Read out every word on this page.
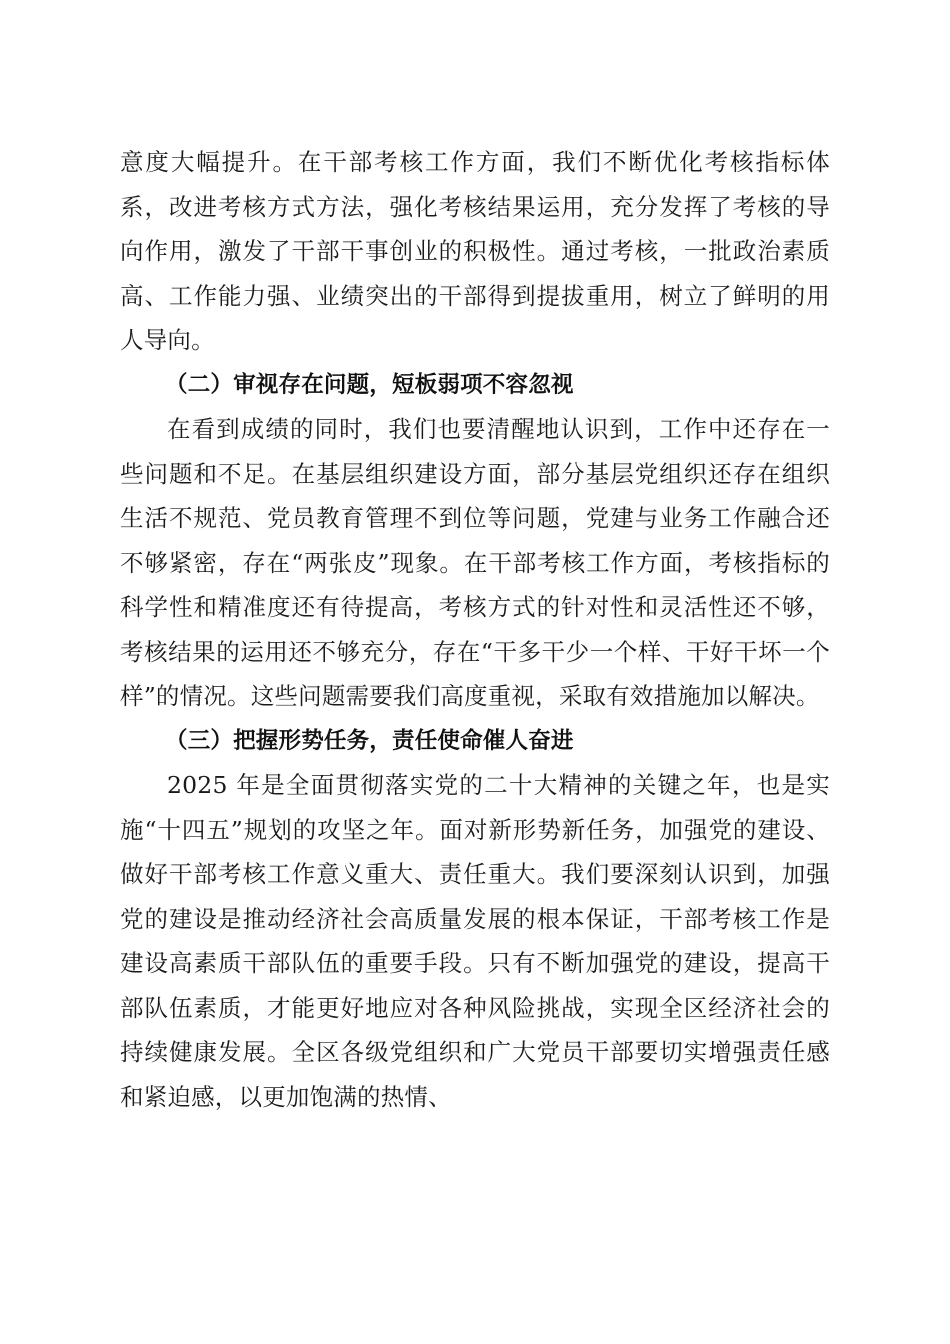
意度大幅提升。在干部考核工作方面，我们不断优化考核指标体系，改进考核方式方法，强化考核结果运用，充分发挥了考核的导向作用，激发了干部干事创业的积极性。通过考核，一批政治素质高、工作能力强、业绩突出的干部得到提拔重用，树立了鲜明的用人导向。

（二）审视存在问题，短板弱项不容忽视

在看到成绩的同时，我们也要清醒地认识到，工作中还存在一些问题和不足。在基层组织建设方面，部分基层党组织还存在组织生活不规范、党员教育管理不到位等问题，党建与业务工作融合还不够紧密，存在“两张皮”现象。在干部考核工作方面，考核指标的科学性和精准度还有待提高，考核方式的针对性和灵活性还不够，考核结果的运用还不够充分，存在“干多干少一个样、干好干坏一个样”的情况。这些问题需要我们高度重视，采取有效措施加以解决。

（三）把握形势任务，责任使命催人奋进

2025 年是全面贯彻落实党的二十大精神的关键之年，也是实施“十四五”规划的攻坚之年。面对新形势新任务，加强党的建设、做好干部考核工作意义重大、责任重大。我们要深刻认识到，加强党的建设是推动经济社会高质量发展的根本保证，干部考核工作是建设高素质干部队伍的重要手段。只有不断加强党的建设，提高干部队伍素质，才能更好地应对各种风险挑战，实现全区经济社会的持续健康发展。全区各级党组织和广大党员干部要切实增强责任感和紧迫感，以更加饱满的热情、
